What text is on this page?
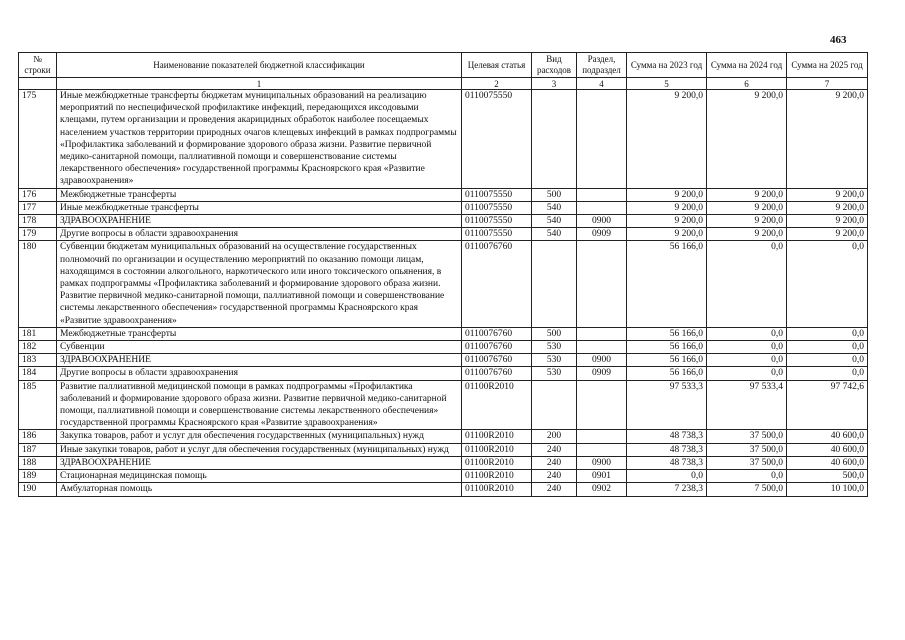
463
№ строки	Наименование показателей бюджетной классификации	Целевая статья	Вид расходов	Раздел, подраздел	Сумма на 2023 год	Сумма на 2024 год	Сумма на 2025 год
	1	2	3	4	5	6	7
175	Иные межбюджетные трансферты бюджетам муниципальных образований на реализацию мероприятий по неспецифической профилактике инфекций, передающихся иксодовыми клещами, путем организации и проведения акарицидных обработок наиболее посещаемых населением участков территории природных очагов клещевых инфекций в рамках подпрограммы «Профилактика заболеваний и формирование здорового образа жизни. Развитие первичной медико-санитарной помощи, паллиативной помощи и совершенствование системы лекарственного обеспечения» государственной программы Красноярского края «Развитие здравоохранения»	0110075550			9 200,0	9 200,0	9 200,0
176	Межбюджетные трансферты	0110075550	500		9 200,0	9 200,0	9 200,0
177	Иные межбюджетные трансферты	0110075550	540		9 200,0	9 200,0	9 200,0
178	ЗДРАВООХРАНЕНИЕ	0110075550	540	0900	9 200,0	9 200,0	9 200,0
179	Другие вопросы в области здравоохранения	0110075550	540	0909	9 200,0	9 200,0	9 200,0
180	Субвенции бюджетам муниципальных образований на осуществление государственных полномочий по организации и осуществлению мероприятий по оказанию помощи лицам, находящимся в состоянии алкогольного, наркотического или иного токсического опьянения, в рамках подпрограммы «Профилактика заболеваний и формирование здорового образа жизни. Развитие первичной медико-санитарной помощи, паллиативной помощи и совершенствование системы лекарственного обеспечения» государственной программы Красноярского края «Развитие здравоохранения»	0110076760			56 166,0	0,0	0,0
181	Межбюджетные трансферты	0110076760	500		56 166,0	0,0	0,0
182	Субвенции	0110076760	530		56 166,0	0,0	0,0
183	ЗДРАВООХРАНЕНИЕ	0110076760	530	0900	56 166,0	0,0	0,0
184	Другие вопросы в области здравоохранения	0110076760	530	0909	56 166,0	0,0	0,0
185	Развитие паллиативной медицинской помощи в рамках подпрограммы «Профилактика заболеваний и формирование здорового образа жизни. Развитие первичной медико-санитарной помощи, паллиативной помощи и совершенствование системы лекарственного обеспечения» государственной программы Красноярского края «Развитие здравоохранения»	01100R2010			97 533,3	97 533,4	97 742,6
186	Закупка товаров, работ и услуг для обеспечения государственных (муниципальных) нужд	01100R2010	200		48 738,3	37 500,0	40 600,0
187	Иные закупки товаров, работ и услуг для обеспечения государственных (муниципальных) нужд	01100R2010	240		48 738,3	37 500,0	40 600,0
188	ЗДРАВООХРАНЕНИЕ	01100R2010	240	0900	48 738,3	37 500,0	40 600,0
189	Стационарная медицинская помощь	01100R2010	240	0901	0,0	0,0	500,0
190	Амбулаторная помощь	01100R2010	240	0902	7 238,3	7 500,0	10 100,0
